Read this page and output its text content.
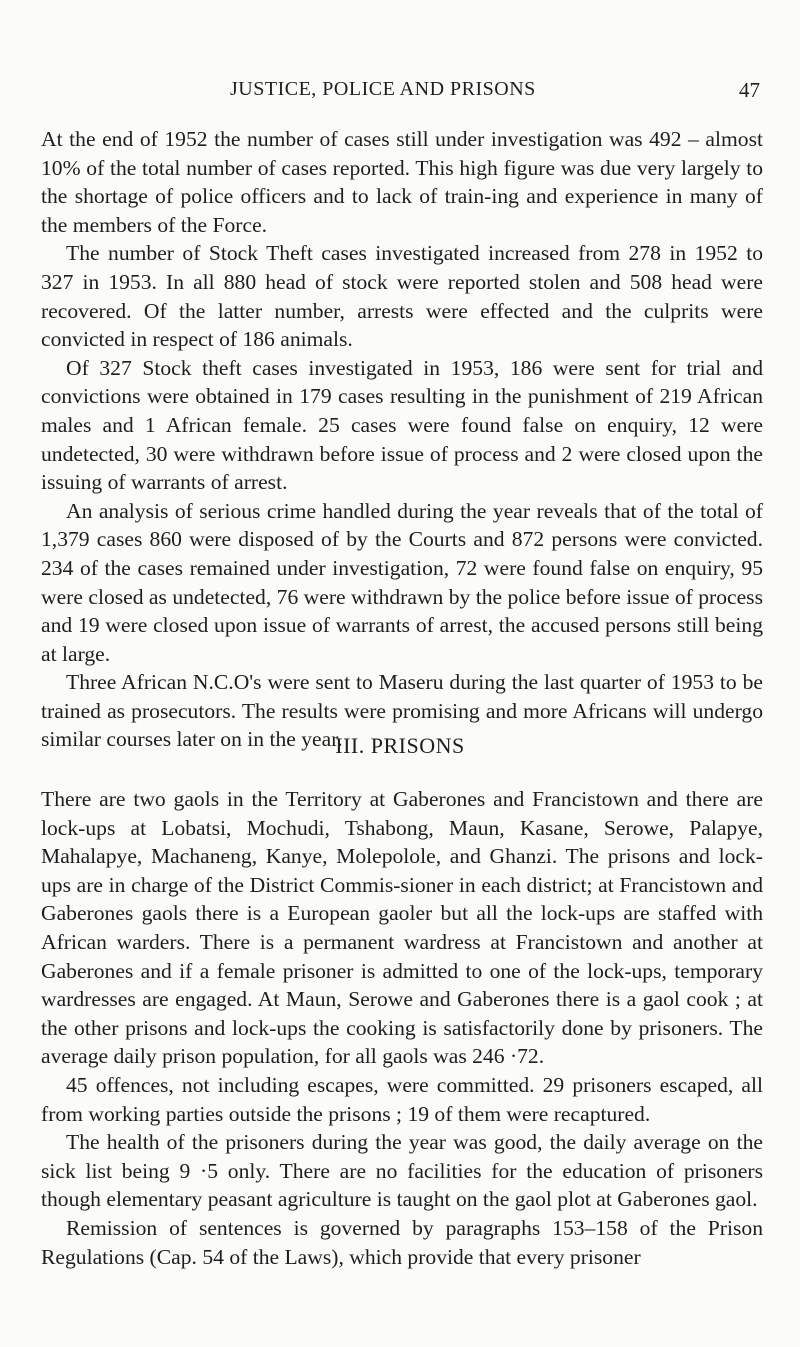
JUSTICE, POLICE AND PRISONS	47

At the end of 1952 the number of cases still under investigation was 492 – almost 10% of the total number of cases reported. This high figure was due very largely to the shortage of police officers and to lack of train-ing and experience in many of the members of the Force.

The number of Stock Theft cases investigated increased from 278 in 1952 to 327 in 1953. In all 880 head of stock were reported stolen and 508 head were recovered. Of the latter number, arrests were effected and the culprits were convicted in respect of 186 animals.

Of 327 Stock theft cases investigated in 1953, 186 were sent for trial and convictions were obtained in 179 cases resulting in the punishment of 219 African males and 1 African female. 25 cases were found false on enquiry, 12 were undetected, 30 were withdrawn before issue of process and 2 were closed upon the issuing of warrants of arrest.

An analysis of serious crime handled during the year reveals that of the total of 1,379 cases 860 were disposed of by the Courts and 872 persons were convicted. 234 of the cases remained under investigation, 72 were found false on enquiry, 95 were closed as undetected, 76 were withdrawn by the police before issue of process and 19 were closed upon issue of warrants of arrest, the accused persons still being at large.

Three African N.C.O's were sent to Maseru during the last quarter of 1953 to be trained as prosecutors. The results were promising and more Africans will undergo similar courses later on in the year.

III. PRISONS

There are two gaols in the Territory at Gaberones and Francistown and there are lock-ups at Lobatsi, Mochudi, Tshabong, Maun, Kasane, Serowe, Palapye, Mahalapye, Machaneng, Kanye, Molepolole, and Ghanzi. The prisons and lock-ups are in charge of the District Commis-sioner in each district; at Francistown and Gaberones gaols there is a European gaoler but all the lock-ups are staffed with African warders. There is a permanent wardress at Francistown and another at Gaberones and if a female prisoner is admitted to one of the lock-ups, temporary wardresses are engaged. At Maun, Serowe and Gaberones there is a gaol cook ; at the other prisons and lock-ups the cooking is satisfactorily done by prisoners. The average daily prison population, for all gaols was 246 ·72.

45 offences, not including escapes, were committed. 29 prisoners escaped, all from working parties outside the prisons ; 19 of them were recaptured.

The health of the prisoners during the year was good, the daily average on the sick list being 9 ·5 only. There are no facilities for the education of prisoners though elementary peasant agriculture is taught on the gaol plot at Gaberones gaol.

Remission of sentences is governed by paragraphs 153–158 of the Prison Regulations (Cap. 54 of the Laws), which provide that every prisoner
